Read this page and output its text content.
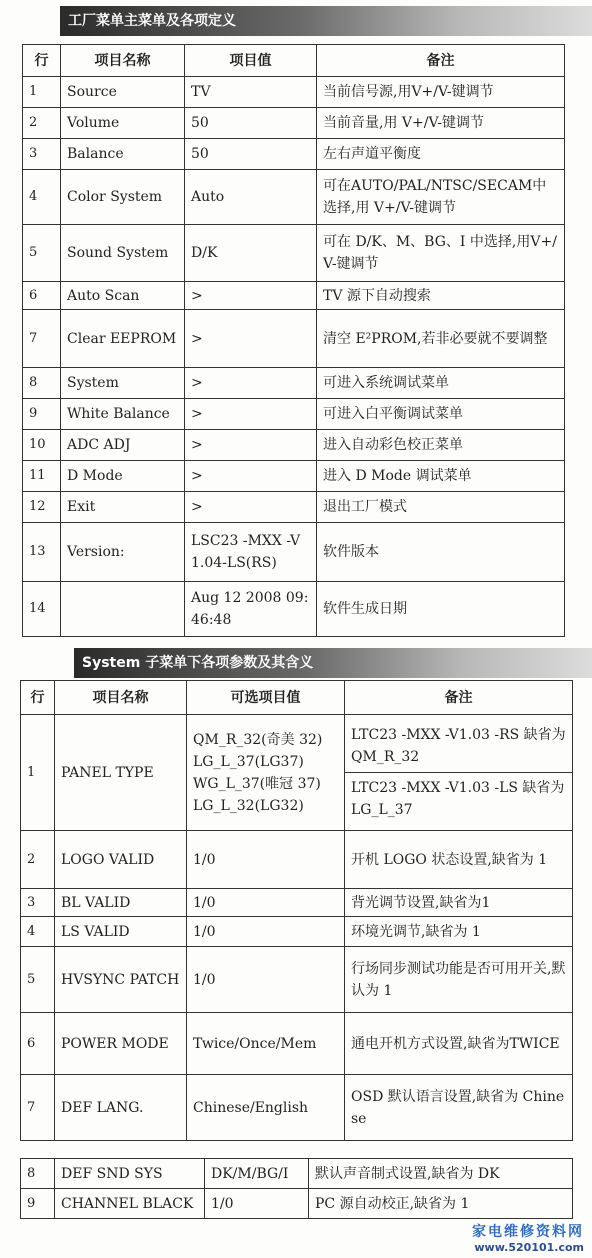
工厂菜单主菜单及各项定义
行	项目名称	项目值	备注
1	Source	TV	当前信号源,用V+/V-键调节
2	Volume	50	当前音量,用 V+/V-键调节
3	Balance	50	左右声道平衡度
4	Color System	Auto	可在AUTO/PAL/NTSC/SECAM中选择,用 V+/V-键调节
5	Sound System	D/K	可在 D/K、M、BG、I 中选择,用V+/V-键调节
6	Auto Scan	>	TV 源下自动搜索
7	Clear EEPROM	>	清空 E²PROM,若非必要就不要调整
8	System	>	可进入系统调试菜单
9	White Balance	>	可进入白平衡调试菜单
10	ADC ADJ	>	进入自动彩色校正菜单
11	D Mode	>	进入 D Mode 调试菜单
12	Exit	>	退出工厂模式
13	Version:	LSC23 -MXX -V1.04-LS(RS)	软件版本
14		Aug 12 2008 09:46:48	软件生成日期
System 子菜单下各项参数及其含义
行	项目名称	可选项目值	备注
1	PANEL TYPE	QM_R_32(奇美 32)
LG_L_37(LG37)
WG_L_37(唯冠 37)
LG_L_32(LG32)	LTC23 -MXX -V1.03 -RS 缺省为QM_R_32
LTC23 -MXX -V1.03 -LS 缺省为 LG_L_37

2	LOGO VALID	1/0	开机 LOGO 状态设置,缺省为 1
3	BL VALID	1/0	背光调节设置,缺省为1
4	LS VALID	1/0	环境光调节,缺省为 1
5	HVSYNC PATCH	1/0	行场同步测试功能是否可用开关,默认为 1
6	POWER MODE	Twice/Once/Mem	通电开机方式设置,缺省为TWICE
7	DEF LANG.	Chinese/English	OSD 默认语言设置,缺省为 Chinese
8	DEF SND SYS	DK/M/BG/I	默认声音制式设置,缺省为 DK
9	CHANNEL BLACK	1/0	PC 源自动校正,缺省为 1
家电维修资料网
www.520101.com
